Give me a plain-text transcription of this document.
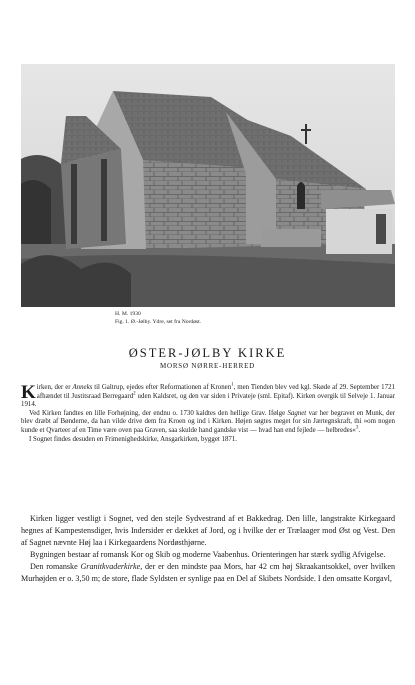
H. M. 1930
Fig. 1. Ø.-Jølby. Ydre, set fra Nordøst.
ØSTER-JØLBY KIRKE
MORSØ NØRRE-HERRED

Kirken, der er Anneks til Galtrup, ejedes efter Reformationen af Kronen$^1$, men Tienden blev ved kgl. Skøde af 29. September 1721 afhændet til Justitsraad Berregaard$^2$ uden Kaldsret, og den var siden i Privateje (sml. Epitaf). Kirken overgik til Selveje 1. Januar 1914.

Ved Kirken fandtes en lille Forhøjning, der endnu o. 1730 kaldtes den hellige Grav. Ifølge Sagnet var her begravet en Munk, der blev dræbt af Bønderne, da han vilde drive dem fra Kroen og ind i Kirken. Højen søgtes meget for sin Jærtegnskraft, thi »om nogen kunde et Qvarteer af en Time være oven paa Graven, saa skulde hand gandske vist — hvad han end fejlede — helbredes«$^3$.

I Sognet findes desuden en Frimenighedskirke, Ansgarkirken, bygget 1871.

Kirken ligger vestligt i Sognet, ved den stejle Sydvestrand af et Bakkedrag. Den lille, langstrakte Kirkegaard hegnes af Kampestensdiger, hvis Indersider er dækket af Jord, og i hvilke der er Trælaager mod Øst og Vest. Den af Sagnet nævnte Høj laa i Kirkegaardens Nordøsthjørne.

Bygningen bestaar af romansk Kor og Skib og moderne Vaabenhus. Orienteringen har stærk sydlig Afvigelse.

Den romanske Granitkvaderkirke, der er den mindste paa Mors, har 42 cm høj Skraakantsokkel, over hvilken Murhøjden er o. 3,50 m; de store, flade Syldsten er synlige paa en Del af Skibets Nordside. I den omsatte Korgavl,
